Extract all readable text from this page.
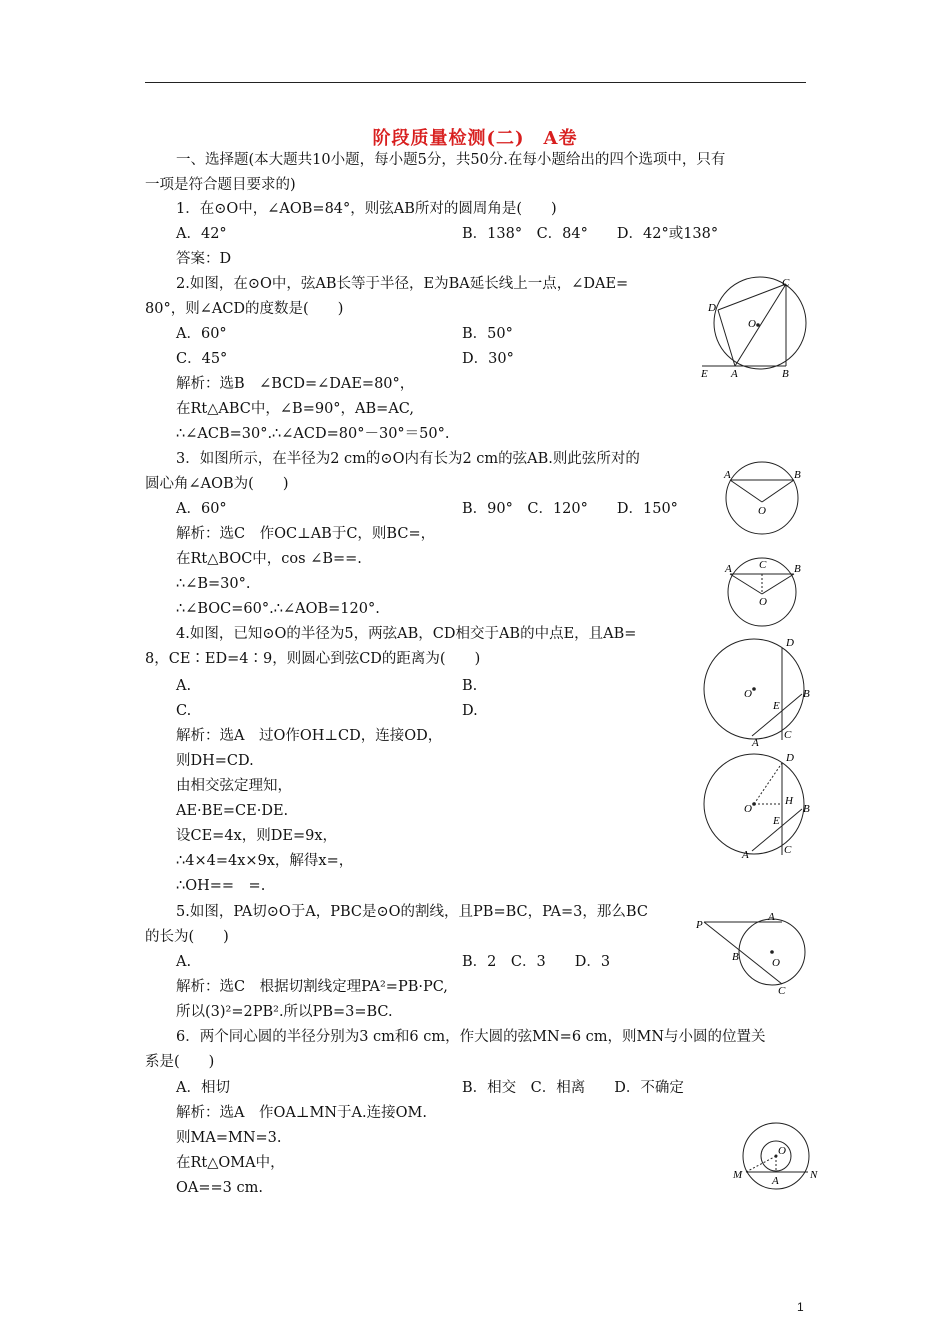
阶段质量检测(二)　A卷
一、选择题(本大题共10小题，每小题5分，共50分.在每小题给出的四个选项中，只有
一项是符合题目要求的)
1．在⊙O中，∠AOB=84°，则弦AB所对的圆周角是(　　)
A．42°	B．138°　C．84°　　D．42°或138°
答案：D
2.如图，在⊙O中，弦AB长等于半径，E为BA延长线上一点，∠DAE=
80°，则∠ACD的度数是(　　)
A．60°	B．50°
C．45°	D．30°
解析：选B　∠BCD=∠DAE=80°，
在Rt△ABC中，∠B=90°，AB=AC,
∴∠ACB=30°.∴∠ACD=80°－30°＝50°.
3．如图所示，在半径为2 cm的⊙O内有长为2 cm的弦AB.则此弦所对的
圆心角∠AOB为(　　)
A．60°	B．90°　C．120°　　D．150°
解析：选C　作OC⊥AB于C，则BC=，
在Rt△BOC中，cos ∠B==.
∴∠B=30°.
∴∠BOC=60°.∴∠AOB=120°.
4.如图，已知⊙O的半径为5，两弦AB，CD相交于AB的中点E，且AB=
8，CE∶ED=4∶9，则圆心到弦CD的距离为(　　)
A.	B.
C.	D.
解析：选A　过O作OH⊥CD，连接OD，
则DH=CD.
由相交弦定理知，
AE·BE=CE·DE.
设CE=4x，则DE=9x，
∴4×4=4x×9x，解得x=，
∴OH==　=.
5.如图，PA切⊙O于A，PBC是⊙O的割线，且PB=BC，PA=3，那么BC
的长为(　　)
A.	B．2　C．3　　D．3
解析：选C　根据切割线定理PA²=PB·PC,
所以(3)²=2PB².所以PB=3=BC.
6．两个同心圆的半径分别为3 cm和6 cm，作大圆的弦MN=6 cm，则MN与小圆的位置关
系是(　　)
A．相切	B．相交　C．相离　　D．不确定
解析：选A　作OA⊥MN于A.连接OM.
则MA=MN=3.
在Rt△OMA中，
OA==3 cm.
D
C
O
E A	B
A	B
O
A C	B
O
D
O	B
E
C
A
D
H
O	B
E
C
A
P
A
B	O
C
O
M	A	N
1
